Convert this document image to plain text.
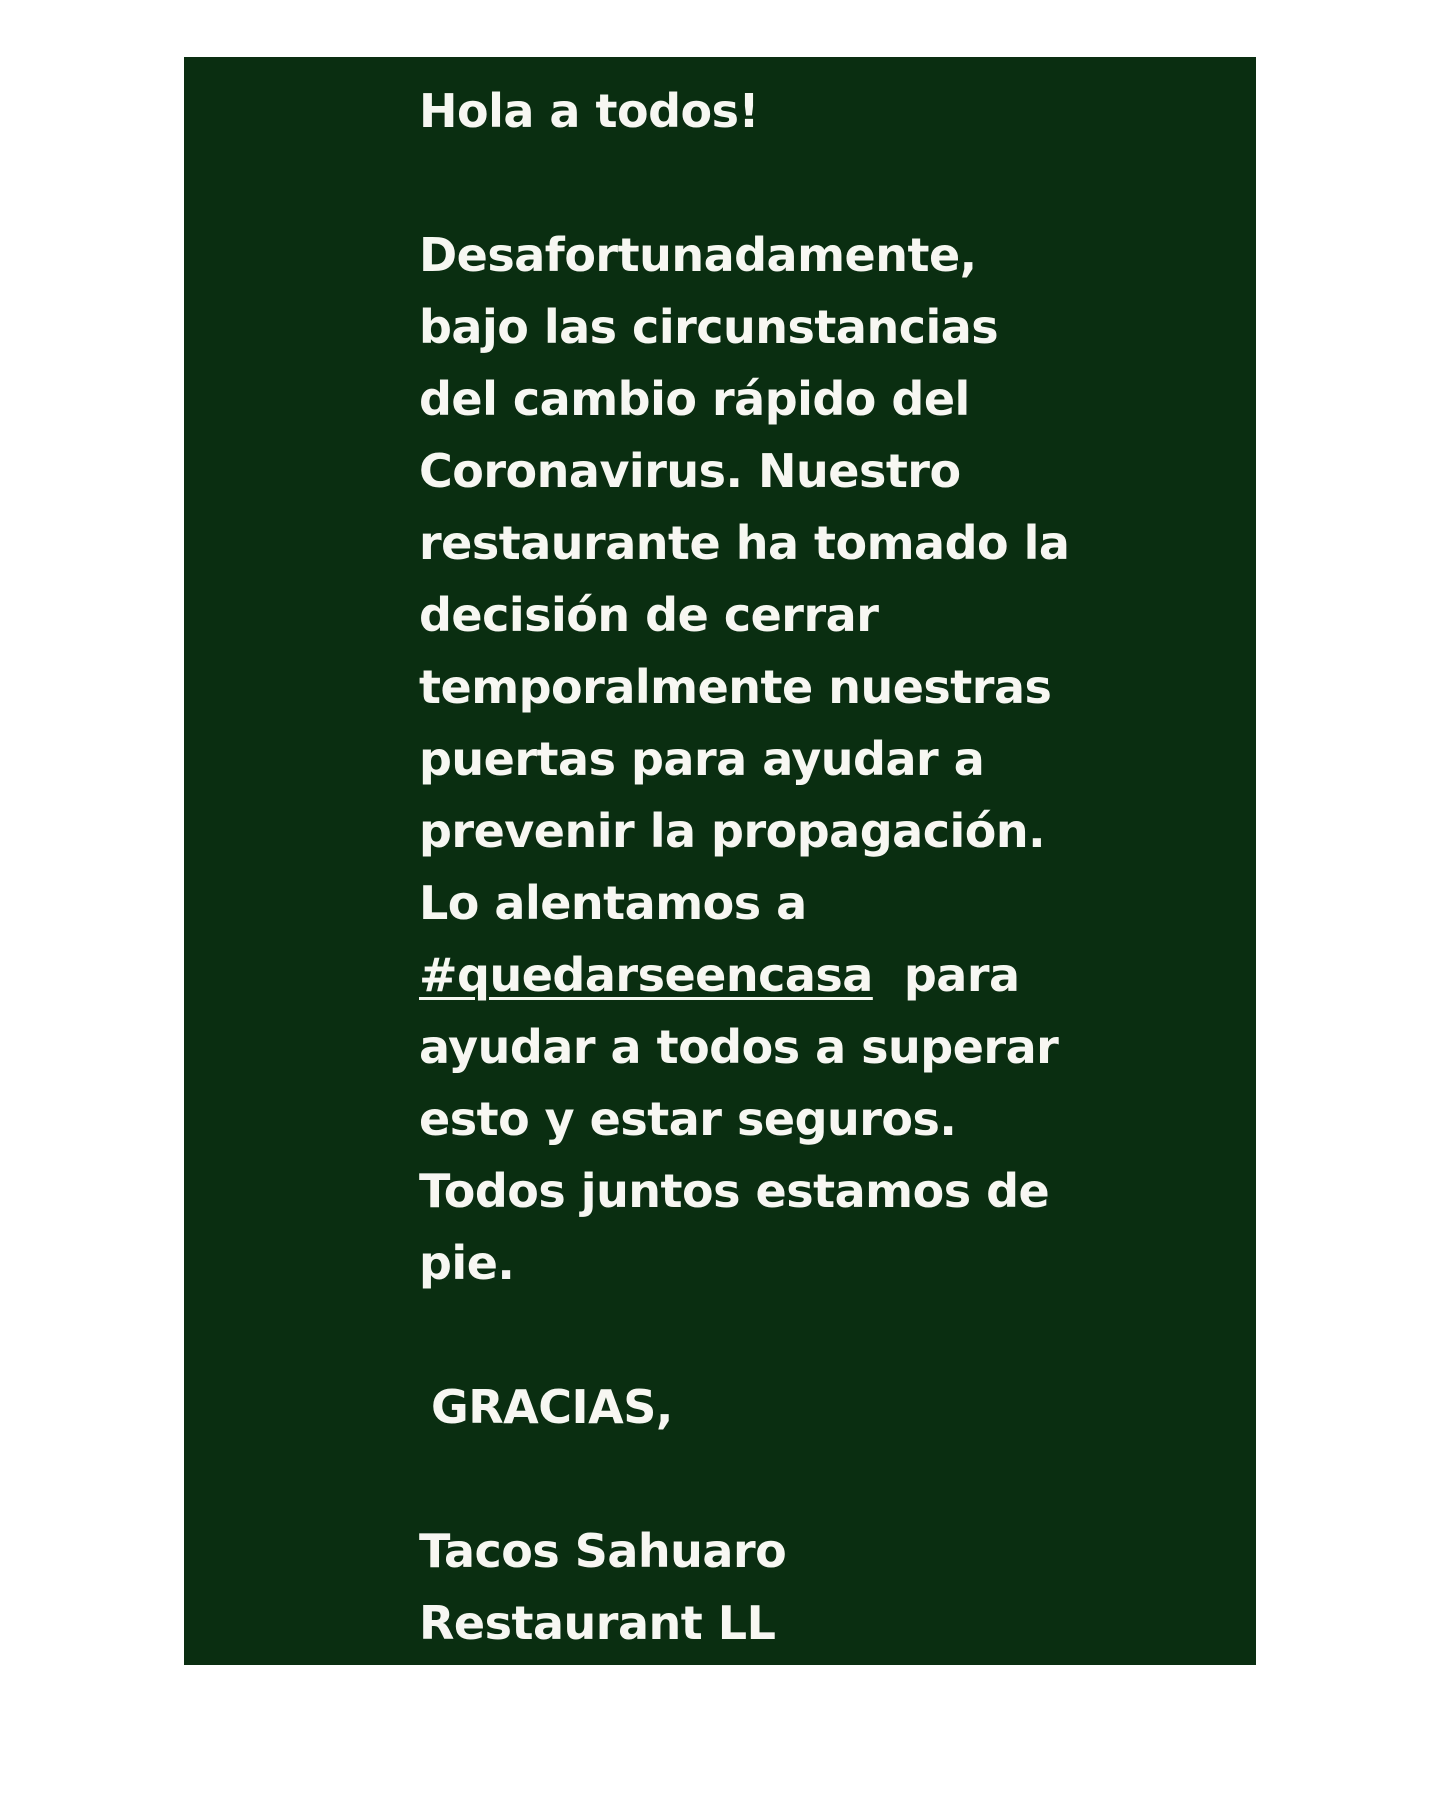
Hola a todos!
Desafortunadamente,
bajo las circunstancias
del cambio rápido del
Coronavirus. Nuestro
restaurante ha tomado la
decisión de cerrar
temporalmente nuestras
puertas para ayudar a
prevenir la propagación.
Lo alentamos a
#quedarseencasa para
ayudar a todos a superar
esto y estar seguros.
Todos juntos estamos de
pie.
GRACIAS,
Tacos Sahuaro
Restaurant LL
